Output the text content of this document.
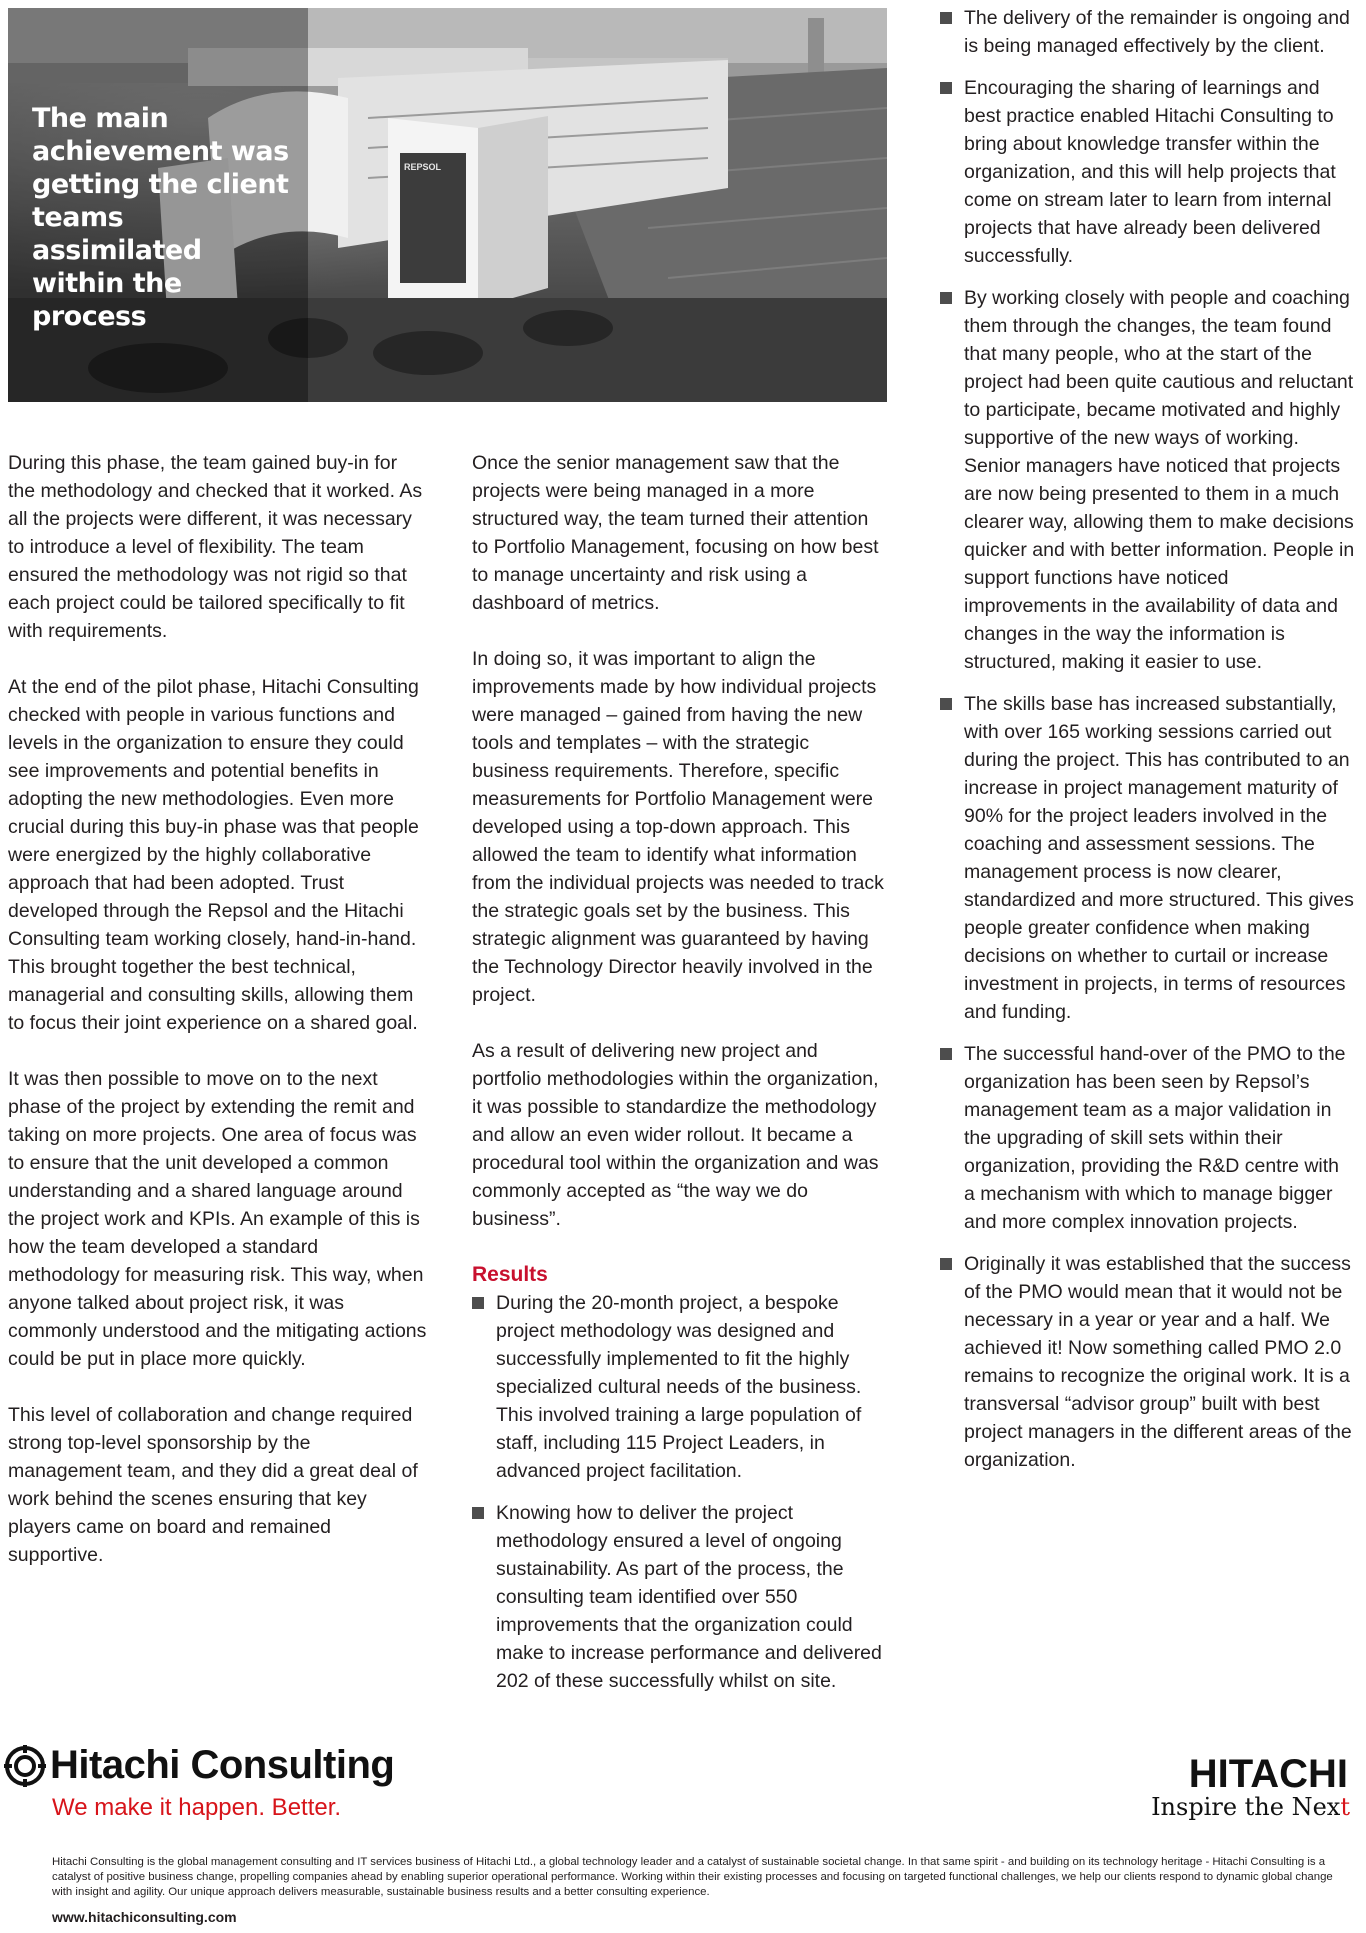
REPSOL
The main achievement was getting the client teams assimilated within the process

During this phase, the team gained buy-in for the methodology and checked that it worked. As all the projects were different, it was necessary to introduce a level of flexibility. The team ensured the methodology was not rigid so that each project could be tailored specifically to fit with requirements.

At the end of the pilot phase, Hitachi Consulting checked with people in various functions and levels in the organization to ensure they could see improvements and potential benefits in adopting the new methodologies. Even more crucial during this buy-in phase was that people were energized by the highly collaborative approach that had been adopted. Trust developed through the Repsol and the Hitachi Consulting team working closely, hand-in-hand. This brought together the best technical, managerial and consulting skills, allowing them to focus their joint experience on a shared goal.

It was then possible to move on to the next phase of the project by extending the remit and taking on more projects. One area of focus was to ensure that the unit developed a common understanding and a shared language around the project work and KPIs. An example of this is how the team developed a standard methodology for measuring risk. This way, when anyone talked about project risk, it was commonly understood and the mitigating actions could be put in place more quickly.

This level of collaboration and change required strong top-level sponsorship by the management team, and they did a great deal of work behind the scenes ensuring that key players came on board and remained supportive.

Once the senior management saw that the projects were being managed in a more structured way, the team turned their attention to Portfolio Management, focusing on how best to manage uncertainty and risk using a dashboard of metrics.

In doing so, it was important to align the improvements made by how individual projects were managed – gained from having the new tools and templates – with the strategic business requirements. Therefore, specific measurements for Portfolio Management were developed using a top-down approach. This allowed the team to identify what information from the individual projects was needed to track the strategic goals set by the business. This strategic alignment was guaranteed by having the Technology Director heavily involved in the project.

As a result of delivering new project and portfolio methodologies within the organization, it was possible to standardize the methodology and allow an even wider rollout. It became a procedural tool within the organization and was commonly accepted as “the way we do business”.

Results
During the 20-month project, a bespoke project methodology was designed and successfully implemented to fit the highly specialized cultural needs of the business. This involved training a large population of staff, including 115 Project Leaders, in advanced project facilitation.
Knowing how to deliver the project methodology ensured a level of ongoing sustainability. As part of the process, the consulting team identified over 550 improvements that the organization could make to increase performance and delivered 202 of these successfully whilst on site.
The delivery of the remainder is ongoing and is being managed effectively by the client.
Encouraging the sharing of learnings and best practice enabled Hitachi Consulting to bring about knowledge transfer within the organization, and this will help projects that come on stream later to learn from internal projects that have already been delivered successfully.
By working closely with people and coaching them through the changes, the team found that many people, who at the start of the project had been quite cautious and reluctant to participate, became motivated and highly supportive of the new ways of working. Senior managers have noticed that projects are now being presented to them in a much clearer way, allowing them to make decisions quicker and with better information. People in support functions have noticed improvements in the availability of data and changes in the way the information is structured, making it easier to use.
The skills base has increased substantially, with over 165 working sessions carried out during the project. This has contributed to an increase in project management maturity of 90% for the project leaders involved in the coaching and assessment sessions. The management process is now clearer, standardized and more structured. This gives people greater confidence when making decisions on whether to curtail or increase investment in projects, in terms of resources and funding.
The successful hand-over of the PMO to the organization has been seen by Repsol’s management team as a major validation in the upgrading of skill sets within their organization, providing the R&D centre with a mechanism with which to manage bigger and more complex innovation projects.
Originally it was established that the success of the PMO would mean that it would not be necessary in a year or year and a half. We achieved it! Now something called PMO 2.0 remains to recognize the original work. It is a transversal “advisor group” built with best project managers in the different areas of the organization.
Hitachi Consulting
We make it happen. Better.
HITACHI
Inspire the Next
Hitachi Consulting is the global management consulting and IT services business of Hitachi Ltd., a global technology leader and a catalyst of sustainable societal change. In that same spirit - and building on its technology heritage - Hitachi Consulting is a catalyst of positive business change, propelling companies ahead by enabling superior operational performance. Working within their existing processes and focusing on targeted functional challenges, we help our clients respond to dynamic global change with insight and agility. Our unique approach delivers measurable, sustainable business results and a better consulting experience.
www.hitachiconsulting.com
